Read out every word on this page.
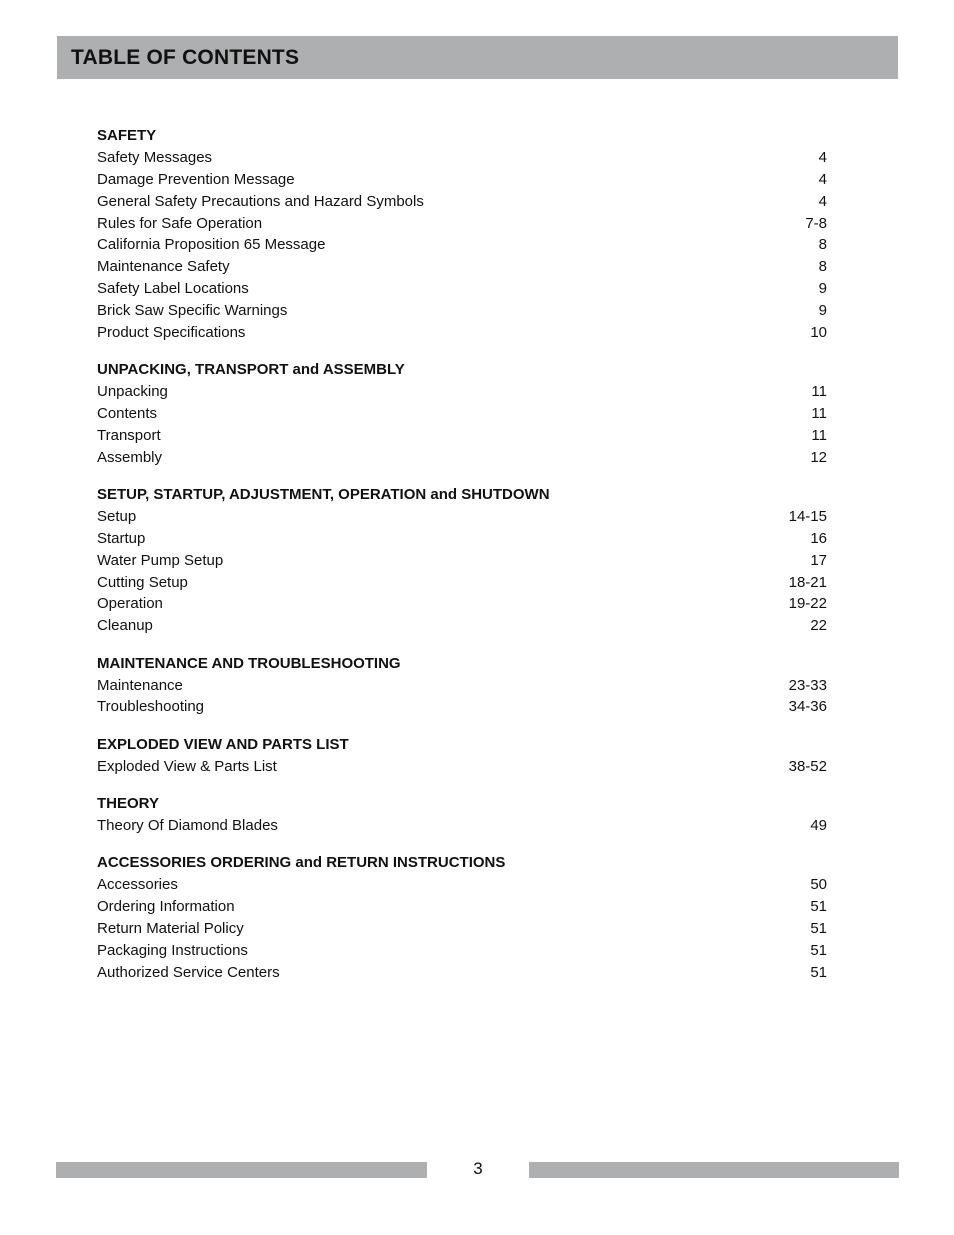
TABLE OF CONTENTS
SAFETY
Safety Messages	4
Damage Prevention Message	4
General Safety Precautions and Hazard Symbols	4
Rules for Safe Operation	7-8
California Proposition 65 Message	8
Maintenance Safety	8
Safety Label Locations	9
Brick Saw Specific Warnings	9
Product Specifications	10
UNPACKING, TRANSPORT and ASSEMBLY
Unpacking	11
Contents	11
Transport	11
Assembly	12
SETUP, STARTUP, ADJUSTMENT, OPERATION and SHUTDOWN
Setup	14-15
Startup	16
Water Pump Setup	17
Cutting Setup	18-21
Operation	19-22
Cleanup	22
MAINTENANCE AND TROUBLESHOOTING
Maintenance	23-33
Troubleshooting	34-36
EXPLODED VIEW AND PARTS LIST
Exploded View & Parts List	38-52
THEORY
Theory Of Diamond Blades	49
ACCESSORIES ORDERING and RETURN INSTRUCTIONS
Accessories	50
Ordering Information	51
Return Material Policy	51
Packaging Instructions	51
Authorized Service Centers	51
3
